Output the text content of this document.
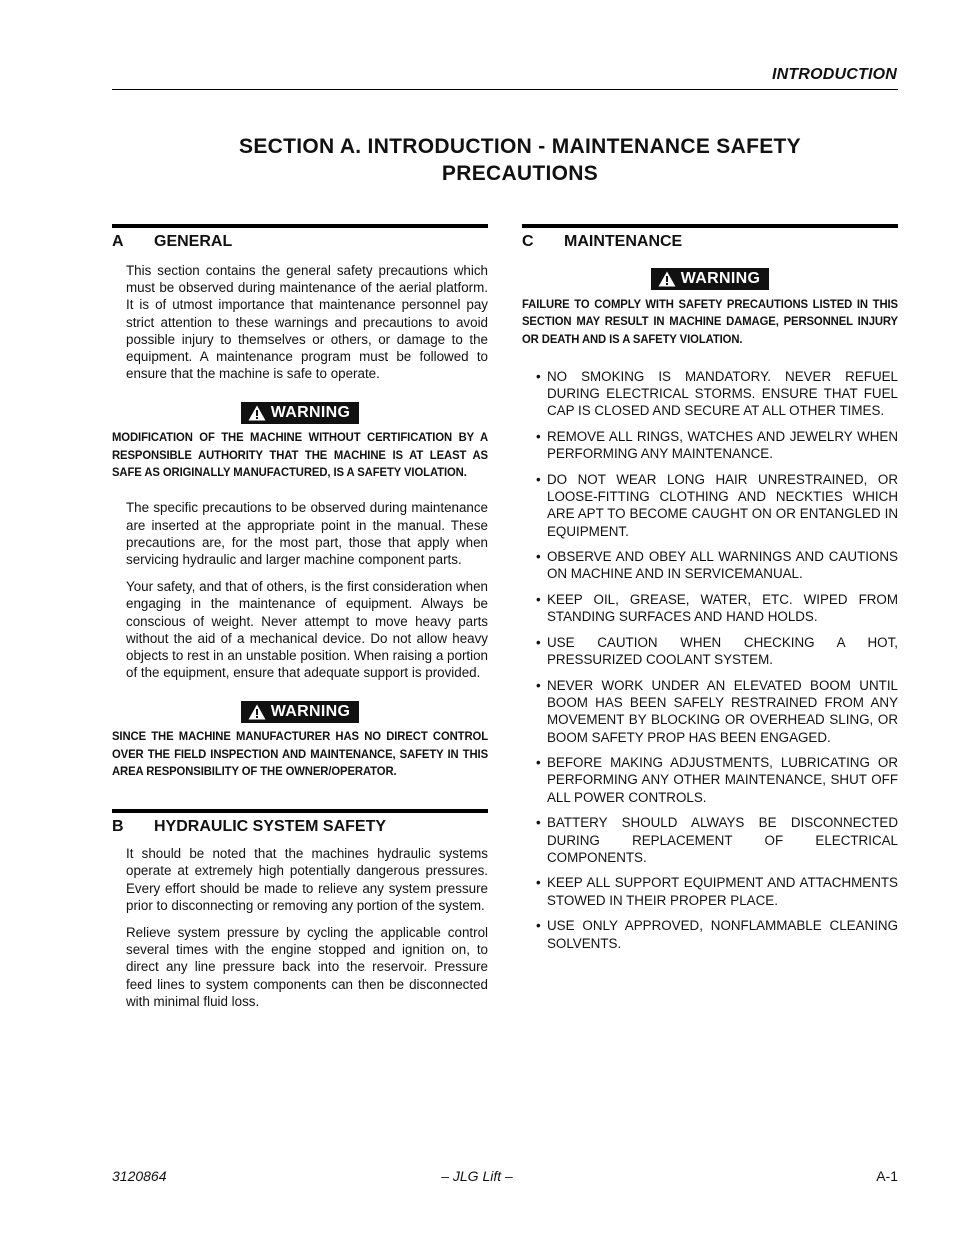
INTRODUCTION
SECTION A. INTRODUCTION - MAINTENANCE SAFETY
PRECAUTIONS
A	GENERAL

This section contains the general safety precautions which must be observed during maintenance of the aerial platform. It is of utmost importance that maintenance personnel pay strict attention to these warnings and precautions to avoid possible injury to themselves or others, or damage to the equipment. A maintenance program must be followed to ensure that the machine is safe to operate.

WARNING

MODIFICATION OF THE MACHINE WITHOUT CERTIFICATION BY A RESPONSIBLE AUTHORITY THAT THE MACHINE IS AT LEAST AS SAFE AS ORIGINALLY MANUFACTURED, IS A SAFETY VIOLATION.

The specific precautions to be observed during maintenance are inserted at the appropriate point in the manual. These precautions are, for the most part, those that apply when servicing hydraulic and larger machine component parts.

Your safety, and that of others, is the first consideration when engaging in the maintenance of equipment. Always be conscious of weight. Never attempt to move heavy parts without the aid of a mechanical device. Do not allow heavy objects to rest in an unstable position. When raising a portion of the equipment, ensure that adequate support is provided.

WARNING

SINCE THE MACHINE MANUFACTURER HAS NO DIRECT CONTROL OVER THE FIELD INSPECTION AND MAINTENANCE, SAFETY IN THIS AREA RESPONSIBILITY OF THE OWNER/OPERATOR.

B	HYDRAULIC SYSTEM SAFETY

It should be noted that the machines hydraulic systems operate at extremely high potentially dangerous pressures. Every effort should be made to relieve any system pressure prior to disconnecting or removing any portion of the system.

Relieve system pressure by cycling the applicable control several times with the engine stopped and ignition on, to direct any line pressure back into the reservoir. Pressure feed lines to system components can then be disconnected with minimal fluid loss.

C	MAINTENANCE
WARNING

FAILURE TO COMPLY WITH SAFETY PRECAUTIONS LISTED IN THIS SECTION MAY RESULT IN MACHINE DAMAGE, PERSONNEL INJURY OR DEATH AND IS A SAFETY VIOLATION.

• NO SMOKING IS MANDATORY. NEVER REFUEL DURING ELECTRICAL STORMS. ENSURE THAT FUEL CAP IS CLOSED AND SECURE AT ALL OTHER TIMES.
• REMOVE ALL RINGS, WATCHES AND JEWELRY WHEN PERFORMING ANY MAINTENANCE.
• DO NOT WEAR LONG HAIR UNRESTRAINED, OR LOOSE-FITTING CLOTHING AND NECKTIES WHICH ARE APT TO BECOME CAUGHT ON OR ENTANGLED IN EQUIPMENT.
• OBSERVE AND OBEY ALL WARNINGS AND CAUTIONS ON MACHINE AND IN SERVICEMANUAL.
• KEEP OIL, GREASE, WATER, ETC. WIPED FROM STANDING SURFACES AND HAND HOLDS.
• USE CAUTION WHEN CHECKING A HOT, PRESSURIZED COOLANT SYSTEM.
• NEVER WORK UNDER AN ELEVATED BOOM UNTIL BOOM HAS BEEN SAFELY RESTRAINED FROM ANY MOVEMENT BY BLOCKING OR OVERHEAD SLING, OR BOOM SAFETY PROP HAS BEEN ENGAGED.
• BEFORE MAKING ADJUSTMENTS, LUBRICATING OR PERFORMING ANY OTHER MAINTENANCE, SHUT OFF ALL POWER CONTROLS.
• BATTERY SHOULD ALWAYS BE DISCONNECTED DURING REPLACEMENT OF ELECTRICAL COMPONENTS.
• KEEP ALL SUPPORT EQUIPMENT AND ATTACHMENTS STOWED IN THEIR PROPER PLACE.
• USE ONLY APPROVED, NONFLAMMABLE CLEANING SOLVENTS.
3120864	– JLG Lift –	A-1
